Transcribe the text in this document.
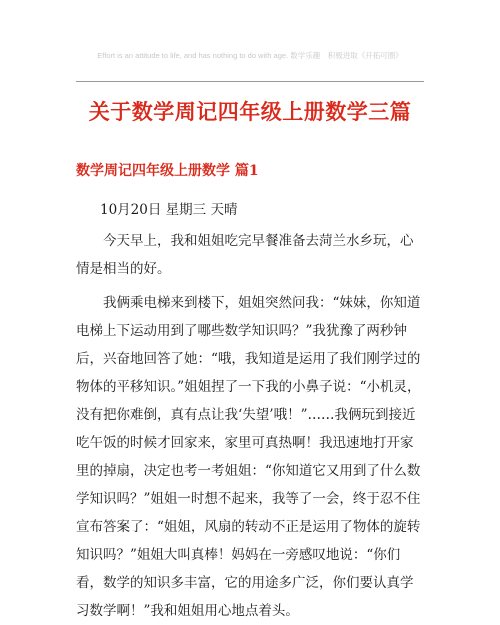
Effort is an attitude to life, and has nothing to do with age. 数学乐趣　积极进取《开拓可圈》
关于数学周记四年级上册数学三篇
数学周记四年级上册数学 篇1
10月20日 星期三 天晴

今天早上，我和姐姐吃完早餐准备去菏兰水乡玩，心情是相当的好。

我俩乘电梯来到楼下，姐姐突然问我：“妹妹，你知道电梯上下运动用到了哪些数学知识吗？”我犹豫了两秒钟后，兴奋地回答了她：“哦，我知道是运用了我们刚学过的物体的平移知识。”姐姐捏了一下我的小鼻子说：“小机灵，没有把你难倒，真有点让我‘失望’哦！”……我俩玩到接近吃午饭的时候才回家来，家里可真热啊！我迅速地打开家里的掉扇，决定也考一考姐姐：“你知道它又用到了什么数学知识吗？”姐姐一时想不起来，我等了一会，终于忍不住宣布答案了：“姐姐，风扇的转动不正是运用了物体的旋转知识吗？”姐姐大叫真棒！妈妈在一旁感叹地说：“你们看，数学的知识多丰富，它的用途多广泛，你们要认真学习数学啊！”我和姐姐用心地点着头。
